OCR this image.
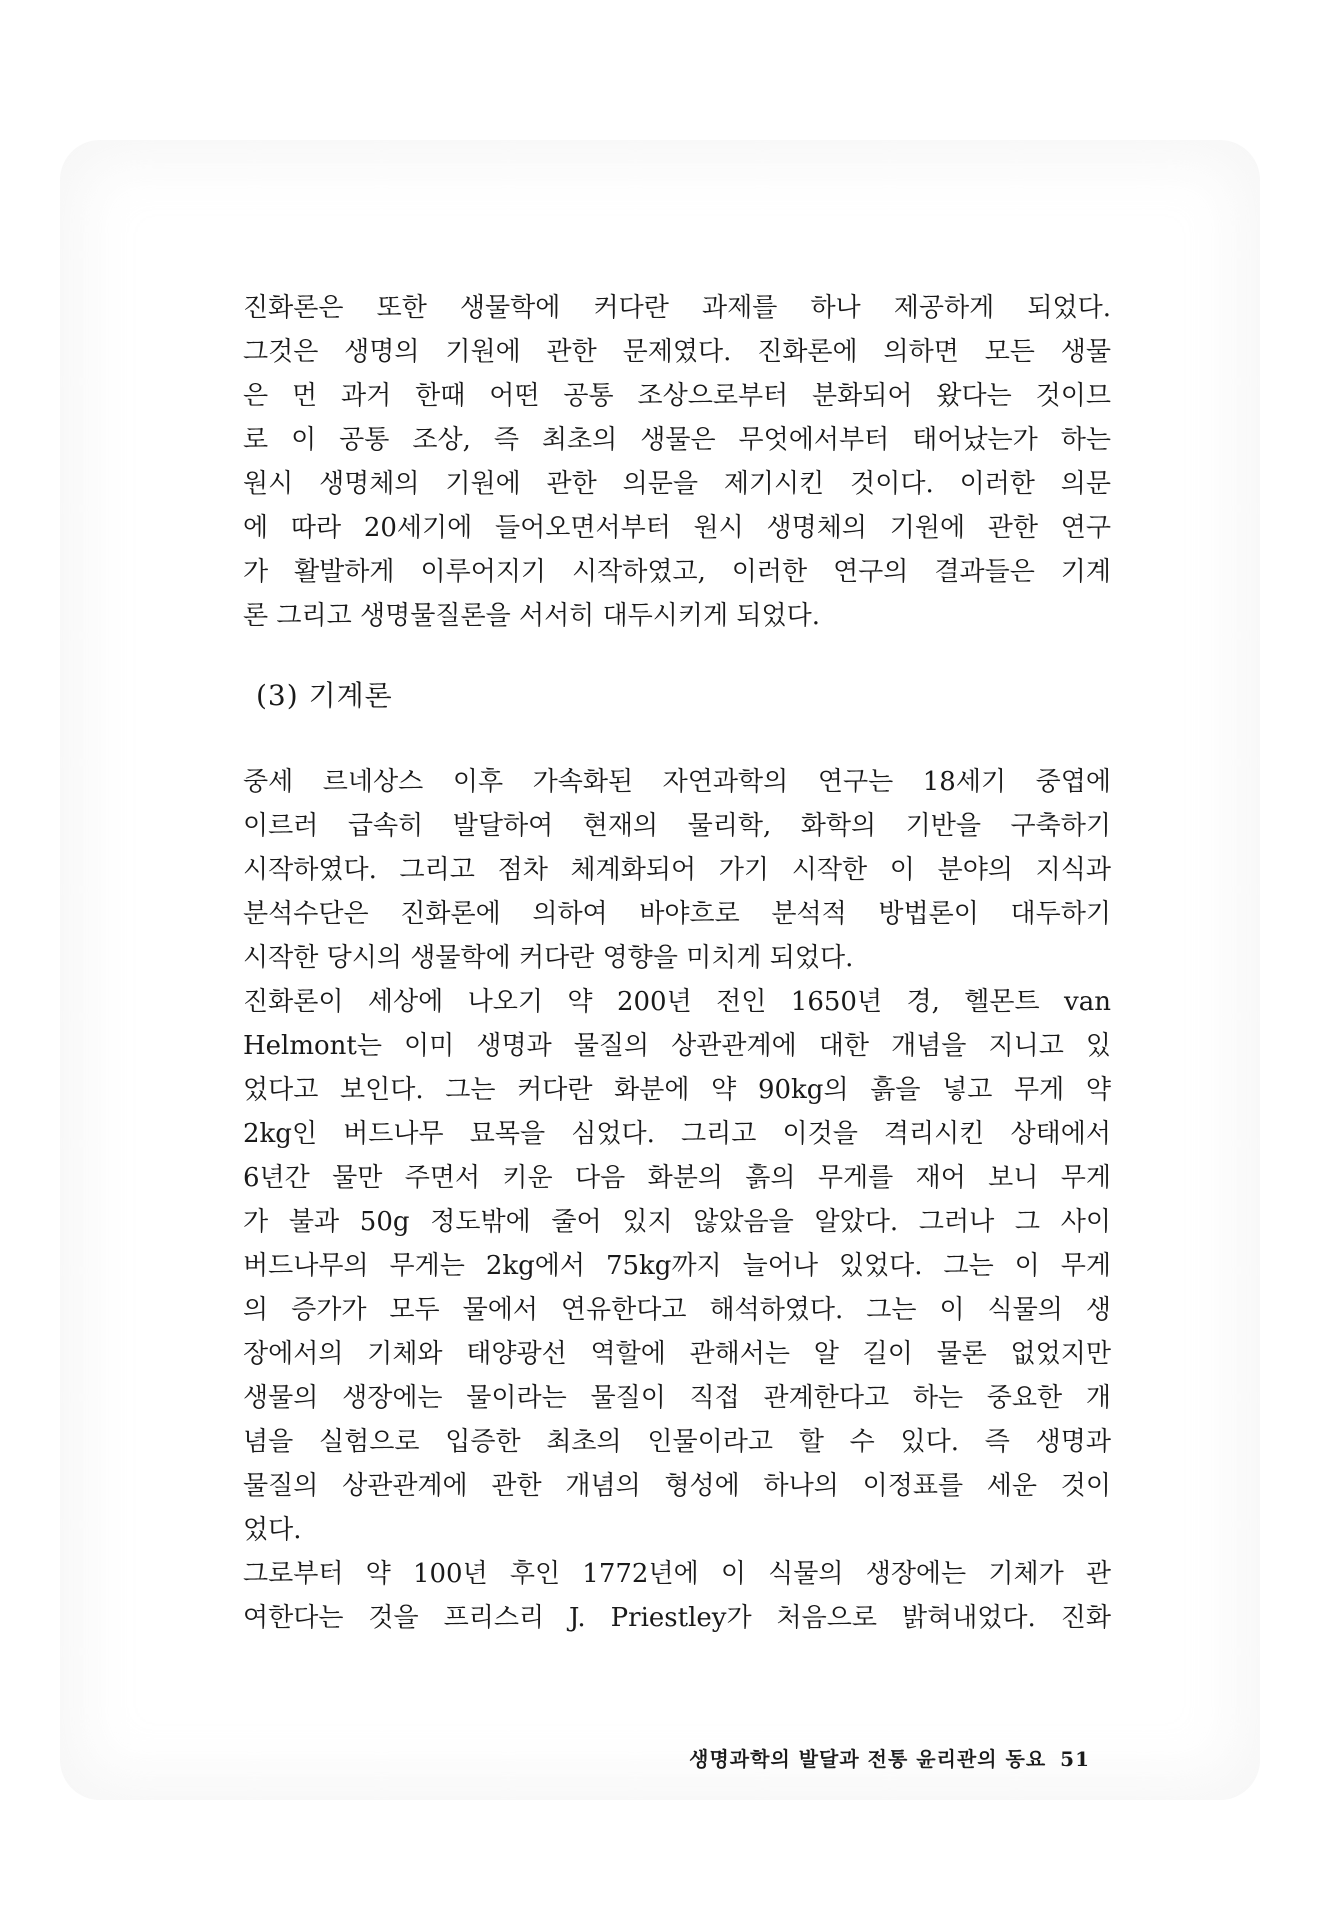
진화론은 또한 생물학에 커다란 과제를 하나 제공하게 되었다.

그것은 생명의 기원에 관한 문제였다. 진화론에 의하면 모든 생물

은 먼 과거 한때 어떤 공통 조상으로부터 분화되어 왔다는 것이므

로 이 공통 조상, 즉 최초의 생물은 무엇에서부터 태어났는가 하는

원시 생명체의 기원에 관한 의문을 제기시킨 것이다. 이러한 의문

에 따라 20세기에 들어오면서부터 원시 생명체의 기원에 관한 연구

가 활발하게 이루어지기 시작하였고, 이러한 연구의 결과들은 기계

론 그리고 생명물질론을 서서히 대두시키게 되었다.

(3) 기계론

중세 르네상스 이후 가속화된 자연과학의 연구는 18세기 중엽에

이르러 급속히 발달하여 현재의 물리학, 화학의 기반을 구축하기

시작하였다. 그리고 점차 체계화되어 가기 시작한 이 분야의 지식과

분석수단은 진화론에 의하여 바야흐로 분석적 방법론이 대두하기

시작한 당시의 생물학에 커다란 영향을 미치게 되었다.

진화론이 세상에 나오기 약 200년 전인 1650년 경, 헬몬트 van

Helmont는 이미 생명과 물질의 상관관계에 대한 개념을 지니고 있

었다고 보인다. 그는 커다란 화분에 약 90kg의 흙을 넣고 무게 약

2kg인 버드나무 묘목을 심었다. 그리고 이것을 격리시킨 상태에서

6년간 물만 주면서 키운 다음 화분의 흙의 무게를 재어 보니 무게

가 불과 50g 정도밖에 줄어 있지 않았음을 알았다. 그러나 그 사이

버드나무의 무게는 2kg에서 75kg까지 늘어나 있었다. 그는 이 무게

의 증가가 모두 물에서 연유한다고 해석하였다. 그는 이 식물의 생

장에서의 기체와 태양광선 역할에 관해서는 알 길이 물론 없었지만

생물의 생장에는 물이라는 물질이 직접 관계한다고 하는 중요한 개

념을 실험으로 입증한 최초의 인물이라고 할 수 있다. 즉 생명과

물질의 상관관계에 관한 개념의 형성에 하나의 이정표를 세운 것이

었다.

그로부터 약 100년 후인 1772년에 이 식물의 생장에는 기체가 관

여한다는 것을 프리스리 J. Priestley가 처음으로 밝혀내었다. 진화

생명과학의 발달과 전통 윤리관의 동요 51
